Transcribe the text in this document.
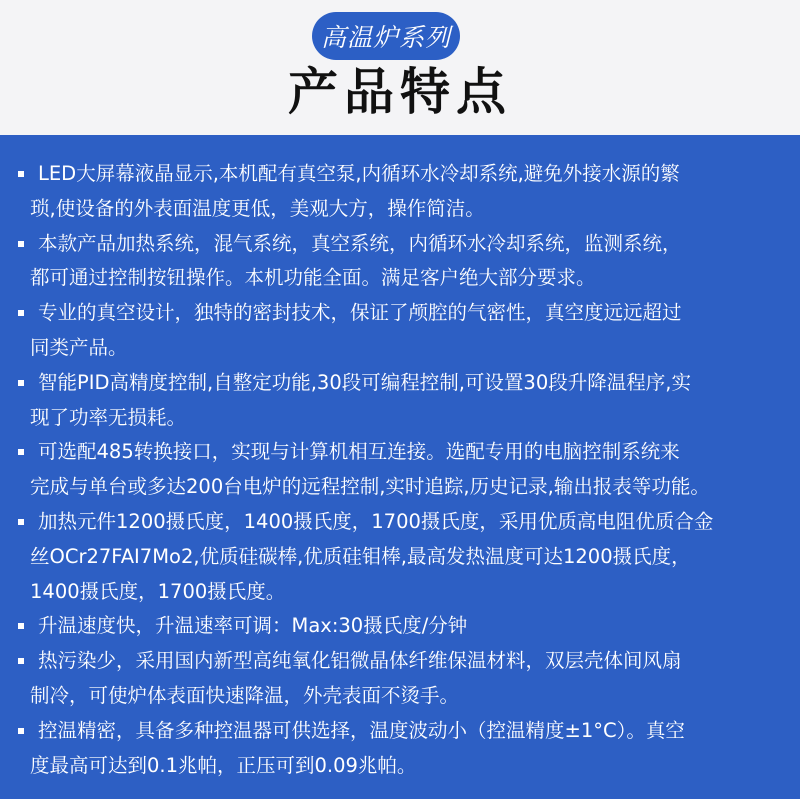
高温炉系列
产品特点
LED大屏幕液晶显示,本机配有真空泵,内循环水冷却系统,避免外接水源的繁
琐,使设备的外表面温度更低，美观大方，操作简洁。
本款产品加热系统，混气系统，真空系统，内循环水冷却系统，监测系统，
都可通过控制按钮操作。本机功能全面。满足客户绝大部分要求。
专业的真空设计，独特的密封技术，保证了颅腔的气密性，真空度远远超过
同类产品。
智能PID高精度控制,自整定功能,30段可编程控制,可设置30段升降温程序,实
现了功率无损耗。
可选配485转换接口，实现与计算机相互连接。选配专用的电脑控制系统来
完成与单台或多达200台电炉的远程控制,实时追踪,历史记录,输出报表等功能。
加热元件1200摄氏度，1400摄氏度，1700摄氏度，采用优质高电阻优质合金
丝OCr27FAI7Mo2,优质硅碳棒,优质硅钼棒,最高发热温度可达1200摄氏度，
1400摄氏度，1700摄氏度。
升温速度快，升温速率可调：Max:30摄氏度/分钟
热污染少，采用国内新型高纯氧化铝微晶体纤维保温材料，双层壳体间风扇
制冷，可使炉体表面快速降温，外壳表面不烫手。
控温精密，具备多种控温器可供选择，温度波动小（控温精度±1°C）。真空
度最高可达到0.1兆帕，正压可到0.09兆帕。
